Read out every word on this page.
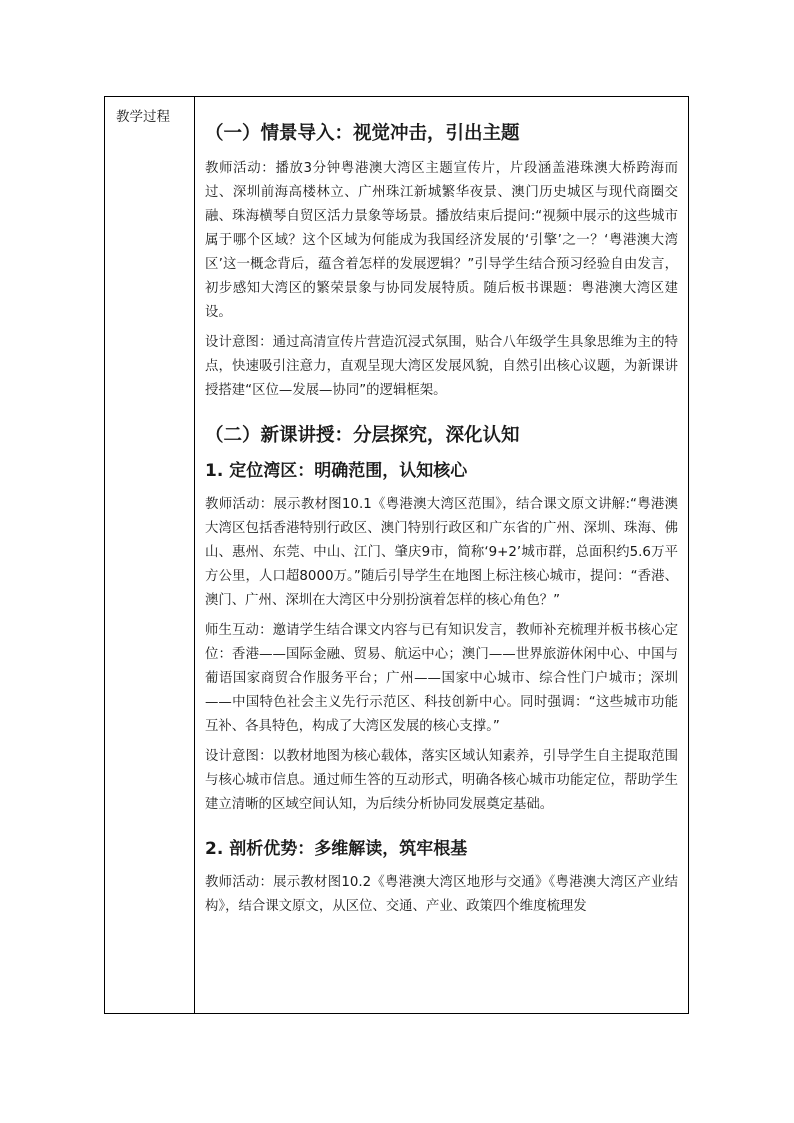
教学过程
（一）情景导入：视觉冲击，引出主题

教师活动：播放3分钟粤港澳大湾区主题宣传片，片段涵盖港珠澳大桥跨海而过、深圳前海高楼林立、广州珠江新城繁华夜景、澳门历史城区与现代商圈交融、珠海横琴自贸区活力景象等场景。播放结束后提问:“视频中展示的这些城市属于哪个区域？这个区域为何能成为我国经济发展的‘引擎’之一？‘粤港澳大湾区’这一概念背后，蕴含着怎样的发展逻辑？”引导学生结合预习经验自由发言，初步感知大湾区的繁荣景象与协同发展特质。随后板书课题：粤港澳大湾区建设。

设计意图：通过高清宣传片营造沉浸式氛围，贴合八年级学生具象思维为主的特点，快速吸引注意力，直观呈现大湾区发展风貌，自然引出核心议题，为新课讲授搭建“区位—发展—协同”的逻辑框架。

（二）新课讲授：分层探究，深化认知
1. 定位湾区：明确范围，认知核心

教师活动：展示教材图10.1《粤港澳大湾区范围》，结合课文原文讲解:“粤港澳大湾区包括香港特别行政区、澳门特别行政区和广东省的广州、深圳、珠海、佛山、惠州、东莞、中山、江门、肇庆9市，简称‘9+2’城市群，总面积约5.6万平方公里，人口超8000万。”随后引导学生在地图上标注核心城市，提问：“香港、澳门、广州、深圳在大湾区中分别扮演着怎样的核心角色？”

师生互动：邀请学生结合课文内容与已有知识发言，教师补充梳理并板书核心定位：香港——国际金融、贸易、航运中心；澳门——世界旅游休闲中心、中国与葡语国家商贸合作服务平台；广州——国家中心城市、综合性门户城市；深圳——中国特色社会主义先行示范区、科技创新中心。同时强调：“这些城市功能互补、各具特色，构成了大湾区发展的核心支撑。”

设计意图：以教材地图为核心载体，落实区域认知素养，引导学生自主提取范围与核心城市信息。通过师生答的互动形式，明确各核心城市功能定位，帮助学生建立清晰的区域空间认知，为后续分析协同发展奠定基础。

2. 剖析优势：多维解读，筑牢根基

教师活动：展示教材图10.2《粤港澳大湾区地形与交通》《粤港澳大湾区产业结构》，结合课文原文，从区位、交通、产业、政策四个维度梳理发
